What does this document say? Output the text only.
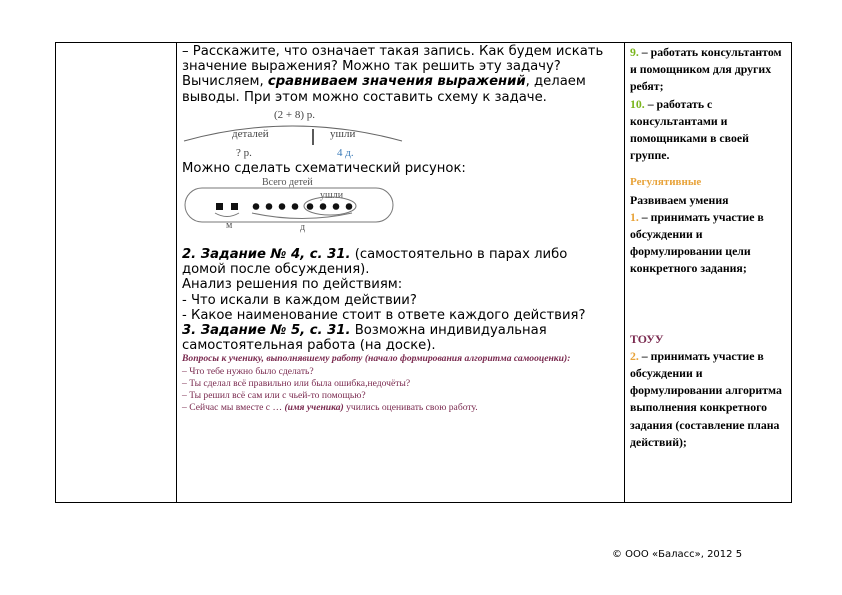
– Расскажите, что означает такая запись. Как будем искать значение выражения? Можно так решить эту задачу?

Вычисляем, сравниваем значения выражений, делаем выводы. При этом можно составить схему к задаче.

(2 + 8) р.
деталей	ушли
? р.	4 д.

Можно сделать схематический рисунок:

Всего детей
ушли
м	д

2. Задание № 4, с. 31. (самостоятельно в парах либо домой после обсуждения).

Анализ решения по действиям:

- Что искали в каждом действии?

- Какое наименование стоит в ответе каждого действия?

3. Задание № 5, с. 31. Возможна индивидуальная самостоятельная работа (на доске).

Вопросы к ученику, выполнявшему работу (начало формирования алгоритма самооценки):

– Что тебе нужно было сделать?

– Ты сделал всё правильно или была ошибка,недочёты?

– Ты решил всё сам или с чьей-то помощью?

– Сейчас мы вместе с … (имя ученика) учились оценивать свою работу.

9. – работать консультантом и помощником для других ребят;

10. – работать с консультантами и помощниками в своей группе.

Регулятивные

Развиваем умения

1. – принимать участие в обсуждении и формулировании цели конкретного задания;

ТОУУ

2. – принимать участие в обсуждении и формулировании алгоритма выполнения конкретного задания (составление плана действий);

© ООО «Баласс», 2012 5
